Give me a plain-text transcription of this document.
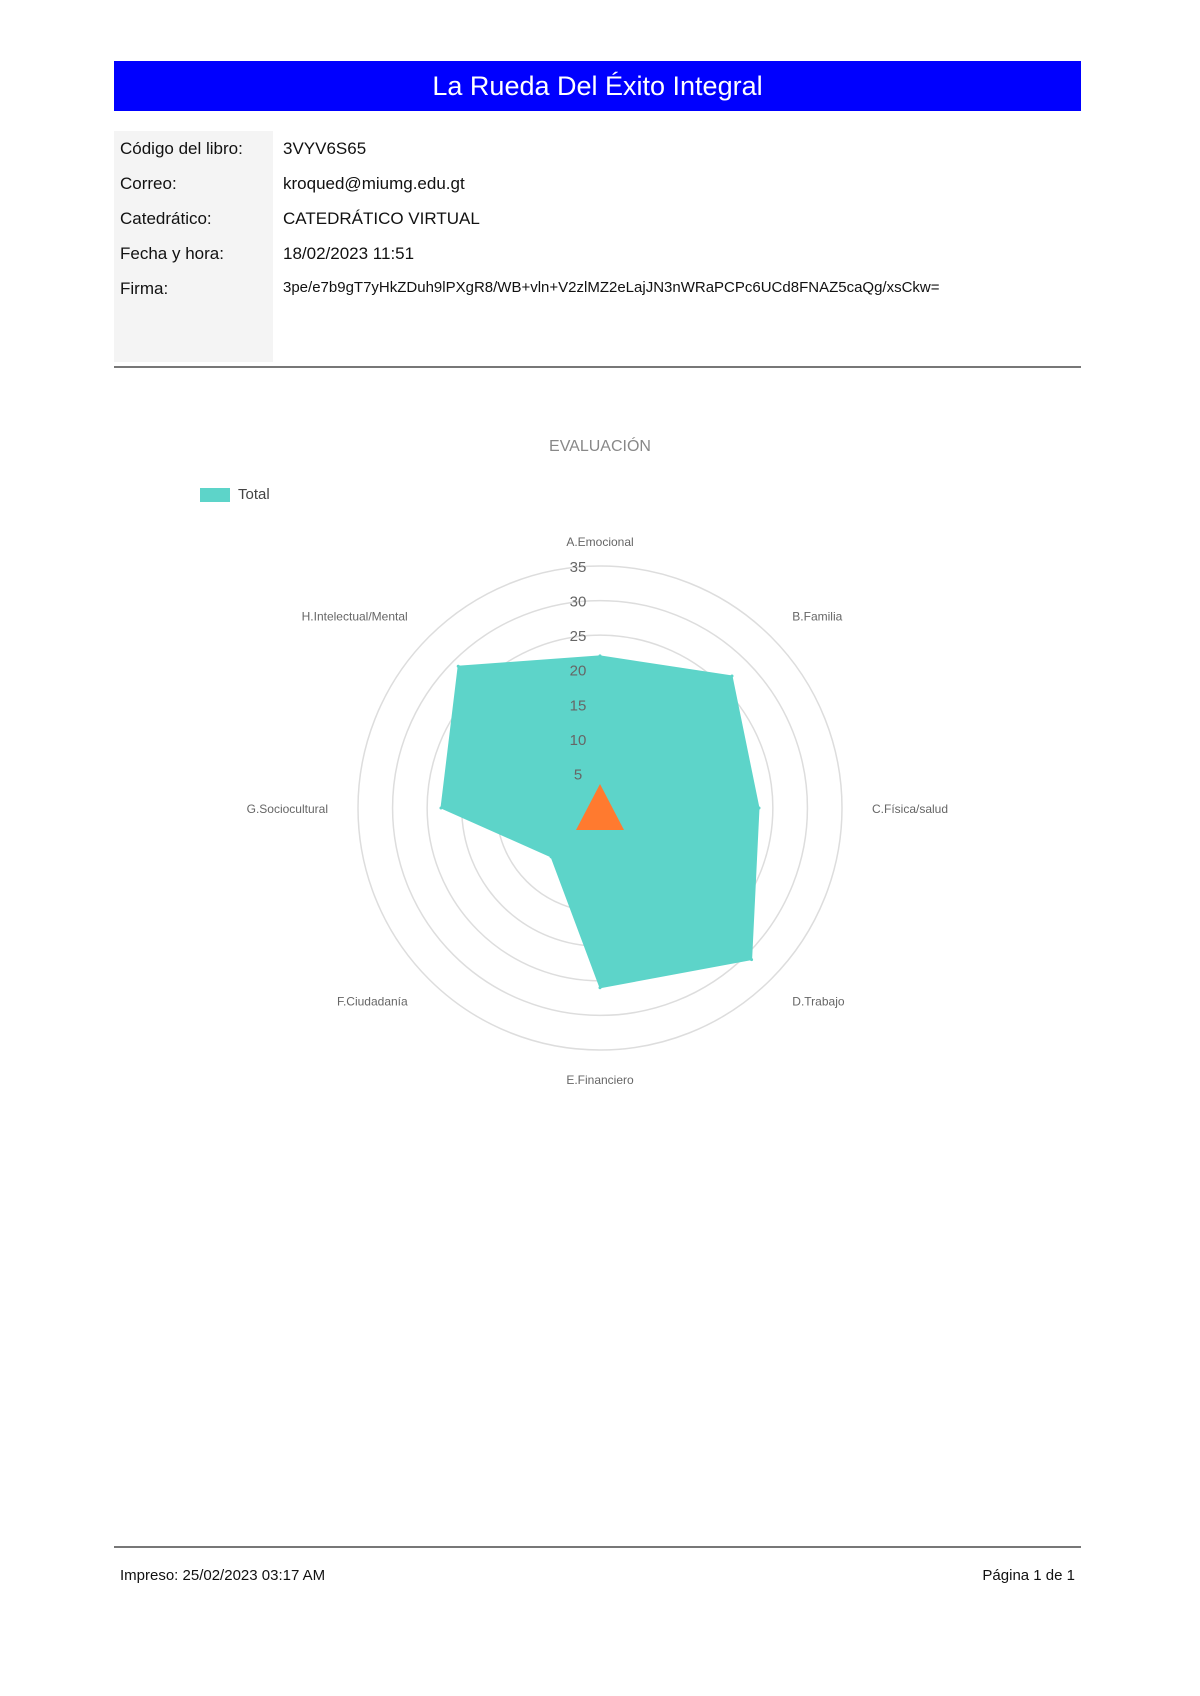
La Rueda Del Éxito Integral
Código del libro:	3VYV6S65
Correo:	kroqued@miumg.edu.gt
Catedrático:	CATEDRÁTICO VIRTUAL
Fecha y hora:	18/02/2023 11:51
Firma:	3pe/e7b9gT7yHkZDuh9lPXgR8/WB+vln+V2zlMZ2eLajJN3nWRaPCPc6UCd8FNAZ5caQg/xsCkw=

5
10
15
20
25
30
35
A.Emocional
B.Familia
C.Física/salud
D.Trabajo
E.Financiero
F.Ciudadanía
G.Sociocultural
H.Intelectual/Mental
EVALUACIÓN
Total
Impreso: 25/02/2023 03:17 AM	Página 1 de 1
